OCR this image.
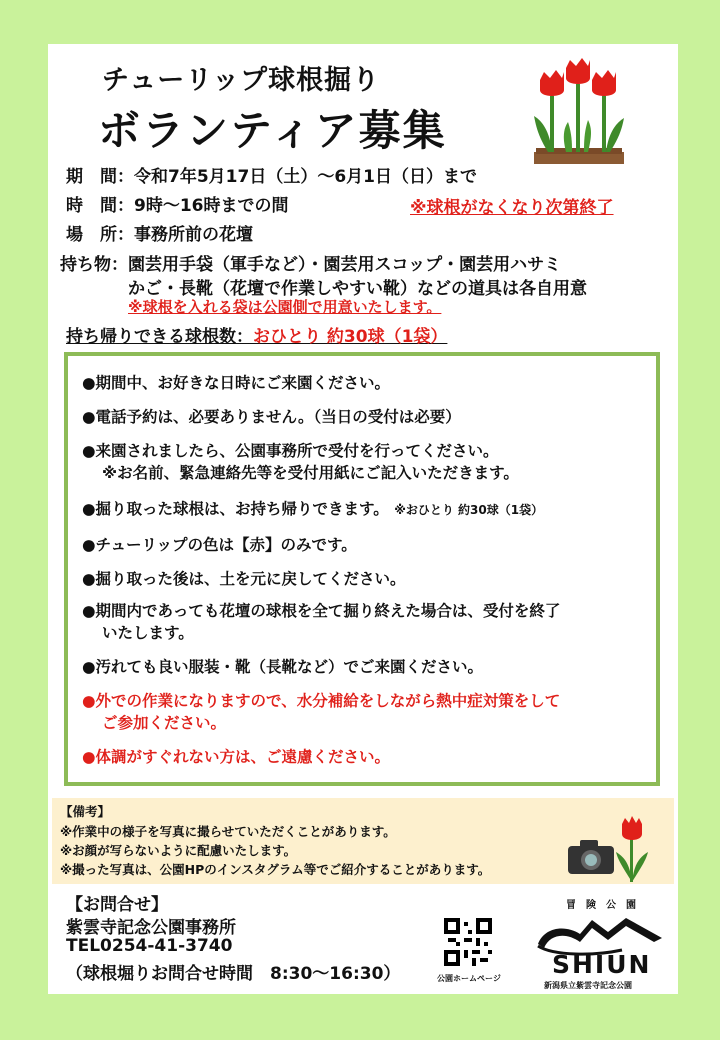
チューリップ球根掘り
ボランティア募集
期　間：令和7年5月17日（土）～6月1日（日）まで
時　間：9時～16時までの間	※球根がなくなり次第終了
場　所：事務所前の花壇
持ち物：園芸用手袋（軍手など）・園芸用スコップ・園芸用ハサミ
かご・長靴（花壇で作業しやすい靴）などの道具は各自用意
※球根を入れる袋は公園側で用意いたします。
持ち帰りできる球根数：おひとり 約30球（1袋）
●期間中、お好きな日時にご来園ください。
●電話予約は、必要ありません。（当日の受付は必要）
●来園されましたら、公園事務所で受付を行ってください。
※お名前、緊急連絡先等を受付用紙にご記入いただきます。
●掘り取った球根は、お持ち帰りできます。 ※おひとり 約30球（1袋）
●チューリップの色は【赤】のみです。
●掘り取った後は、土を元に戻してください。
●期間内であっても花壇の球根を全て掘り終えた場合は、受付を終了
いたします。
●汚れても良い服装・靴（長靴など）でご来園ください。
●外での作業になりますので、水分補給をしながら熱中症対策をして
ご参加ください。
●体調がすぐれない方は、ご遠慮ください。
【備考】
※作業中の様子を写真に撮らせていただくことがあります。
※お顔が写らないように配慮いたします。
※撮った写真は、公園HPのインスタグラム等でご紹介することがあります。
【お問合せ】
紫雲寺記念公園事務所
TEL0254-41-3740
（球根堀りお問合せ時間　8:30～16:30）	公園ホームページ
冒　険　公　園
SHIUN
新潟県立紫雲寺記念公園
